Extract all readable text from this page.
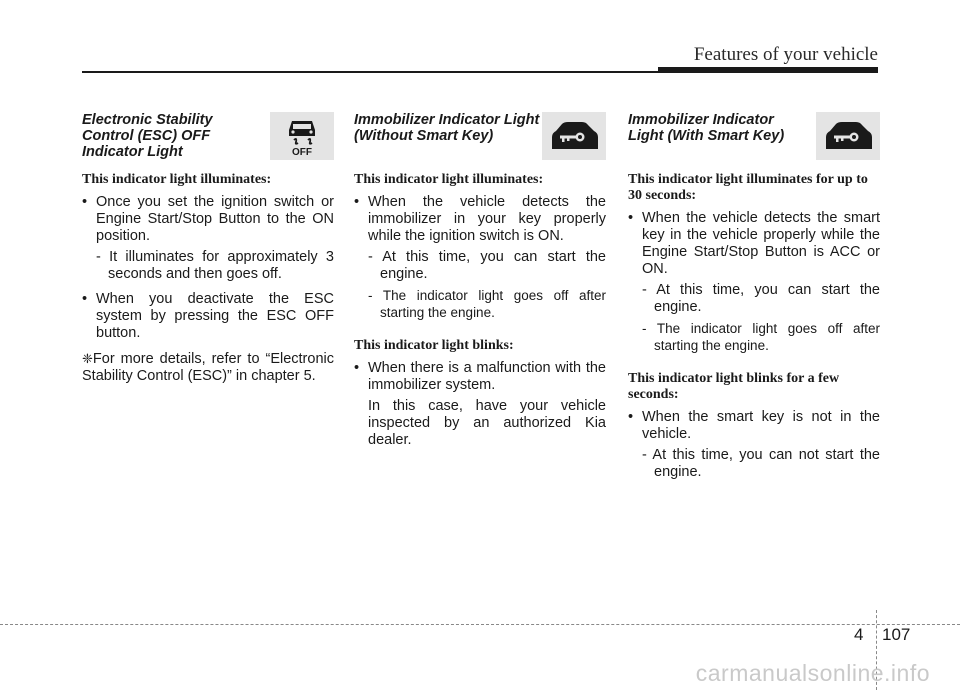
Features of your vehicle

Electronic Stability Control (ESC) OFF Indicator Light	OFF

This indicator light illuminates:

• Once you set the ignition switch or Engine Start/Stop Button to the ON position.

- It illuminates for approximately 3 seconds and then goes off.

• When you deactivate the ESC system by pressing the ESC OFF button.

❈For more details, refer to “Electronic Stability Control (ESC)” in chapter 5.

Immobilizer Indicator Light (Without Smart Key)

This indicator light illuminates:

• When the vehicle detects the immobilizer in your key properly while the ignition switch is ON.

- At this time, you can start the engine.

- The indicator light goes off after starting the engine.

This indicator light blinks:

• When there is a malfunction with the immobilizer system.

In this case, have your vehicle inspected by an authorized Kia dealer.

Immobilizer Indicator Light (With Smart Key)

This indicator light illuminates for up to 30 seconds:

• When the vehicle detects the smart key in the vehicle properly while the Engine Start/Stop Button is ACC or ON.

- At this time, you can start the engine.

- The indicator light goes off after starting the engine.

This indicator light blinks for a few seconds:

• When the smart key is not in the vehicle.

- At this time, you can not start the engine.

4 107
carmanualsonline.info
